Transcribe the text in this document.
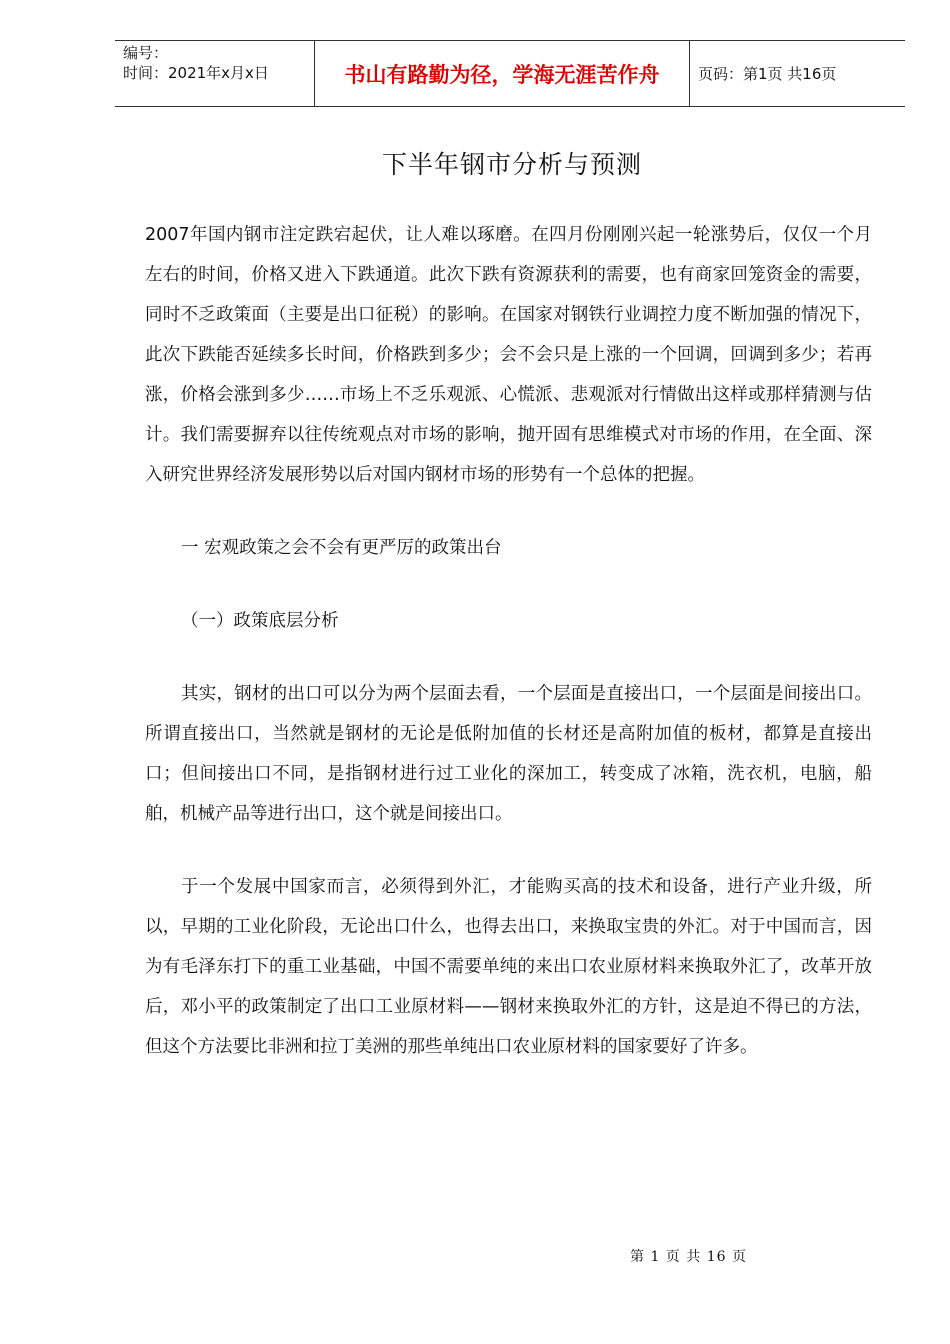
编号：
时间：2021年x月x日	书山有路勤为径，学海无涯苦作舟	页码：第1页 共16页
下半年钢市分析与预测

2007年国内钢市注定跌宕起伏，让人难以琢磨。在四月份刚刚兴起一轮涨势后，仅仅一个月左右的时间，价格又进入下跌通道。此次下跌有资源获利的需要，也有商家回笼资金的需要，同时不乏政策面（主要是出口征税）的影响。在国家对钢铁行业调控力度不断加强的情况下，此次下跌能否延续多长时间，价格跌到多少；会不会只是上涨的一个回调，回调到多少；若再涨，价格会涨到多少……市场上不乏乐观派、心慌派、悲观派对行情做出这样或那样猜测与估计。我们需要摒弃以往传统观点对市场的影响，抛开固有思维模式对市场的作用，在全面、深入研究世界经济发展形势以后对国内钢材市场的形势有一个总体的把握。

一 宏观政策之会不会有更严厉的政策出台

（一）政策底层分析

其实，钢材的出口可以分为两个层面去看，一个层面是直接出口，一个层面是间接出口。所谓直接出口，当然就是钢材的无论是低附加值的长材还是高附加值的板材，都算是直接出口；但间接出口不同，是指钢材进行过工业化的深加工，转变成了冰箱，洗衣机，电脑，船舶，机械产品等进行出口，这个就是间接出口。

于一个发展中国家而言，必须得到外汇，才能购买高的技术和设备，进行产业升级，所以，早期的工业化阶段，无论出口什么，也得去出口，来换取宝贵的外汇。对于中国而言，因为有毛泽东打下的重工业基础，中国不需要单纯的来出口农业原材料来换取外汇了，改革开放后，邓小平的政策制定了出口工业原材料——钢材来换取外汇的方针，这是迫不得已的方法，但这个方法要比非洲和拉丁美洲的那些单纯出口农业原材料的国家要好了许多。

第 1 页 共 16 页
